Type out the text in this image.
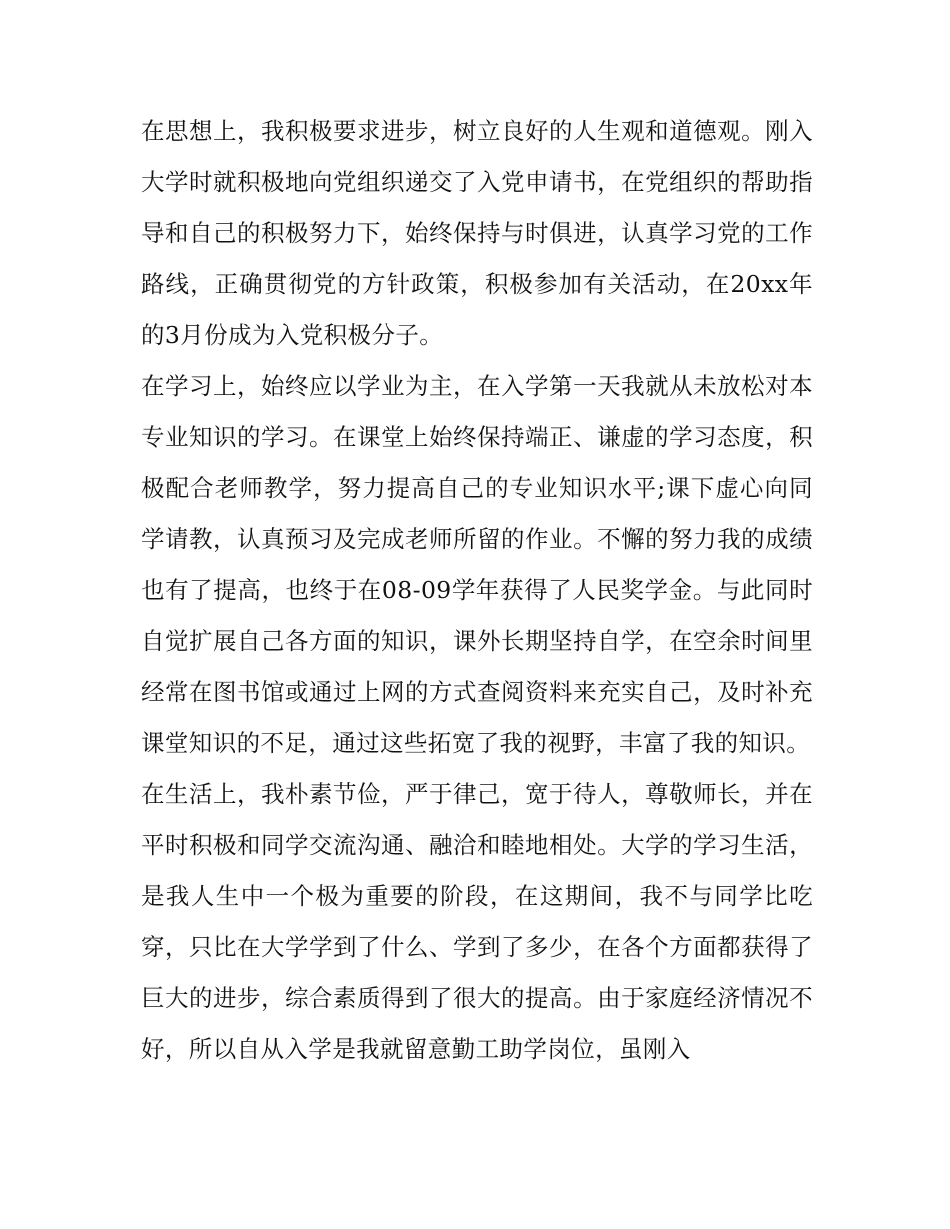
在思想上，我积极要求进步，树立良好的人生观和道德观。刚入大学时就积极地向党组织递交了入党申请书，在党组织的帮助指导和自己的积极努力下，始终保持与时俱进，认真学习党的工作路线，正确贯彻党的方针政策，积极参加有关活动，在20xx年的3月份成为入党积极分子。

在学习上，始终应以学业为主，在入学第一天我就从未放松对本专业知识的学习。在课堂上始终保持端正、谦虚的学习态度，积极配合老师教学，努力提高自己的专业知识水平;课下虚心向同学请教，认真预习及完成老师所留的作业。不懈的努力我的成绩也有了提高，也终于在08-09学年获得了人民奖学金。与此同时自觉扩展自己各方面的知识，课外长期坚持自学，在空余时间里经常在图书馆或通过上网的方式查阅资料来充实自己，及时补充课堂知识的不足，通过这些拓宽了我的视野，丰富了我的知识。

在生活上，我朴素节俭，严于律己，宽于待人，尊敬师长，并在平时积极和同学交流沟通、融洽和睦地相处。大学的学习生活，是我人生中一个极为重要的阶段，在这期间，我不与同学比吃穿，只比在大学学到了什么、学到了多少，在各个方面都获得了巨大的进步，综合素质得到了很大的提高。由于家庭经济情况不好，所以自从入学是我就留意勤工助学岗位，虽刚入
